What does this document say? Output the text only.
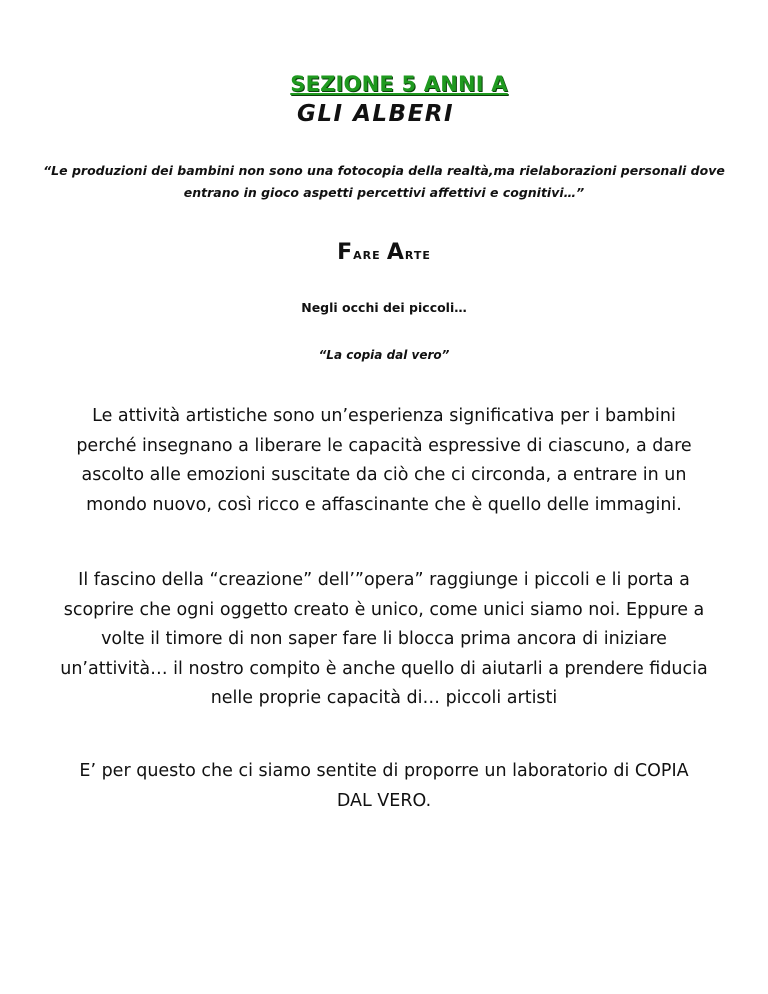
SEZIONE 5 ANNI A
GLI ALBERI
“Le produzioni dei bambini non sono una fotocopia della realtà,ma rielaborazioni personali dove entrano in gioco aspetti percettivi affettivi e cognitivi…”
Fare Arte
Negli occhi dei piccoli…
“La copia dal vero”
Le attività artistiche sono un’esperienza significativa per i bambini perché insegnano a liberare le capacità espressive di ciascuno, a dare ascolto alle emozioni suscitate da ciò che ci circonda, a entrare in un mondo nuovo, così ricco e affascinante che è quello delle immagini.
Il fascino della “creazione” dell’”opera” raggiunge i piccoli e li porta a scoprire che ogni oggetto creato è unico, come unici siamo noi. Eppure a volte il timore di non saper fare li blocca prima ancora di iniziare un’attività… il nostro compito è anche quello di aiutarli a prendere fiducia nelle proprie capacità di… piccoli artisti
E’ per questo che ci siamo sentite di proporre un laboratorio di COPIA DAL VERO.
